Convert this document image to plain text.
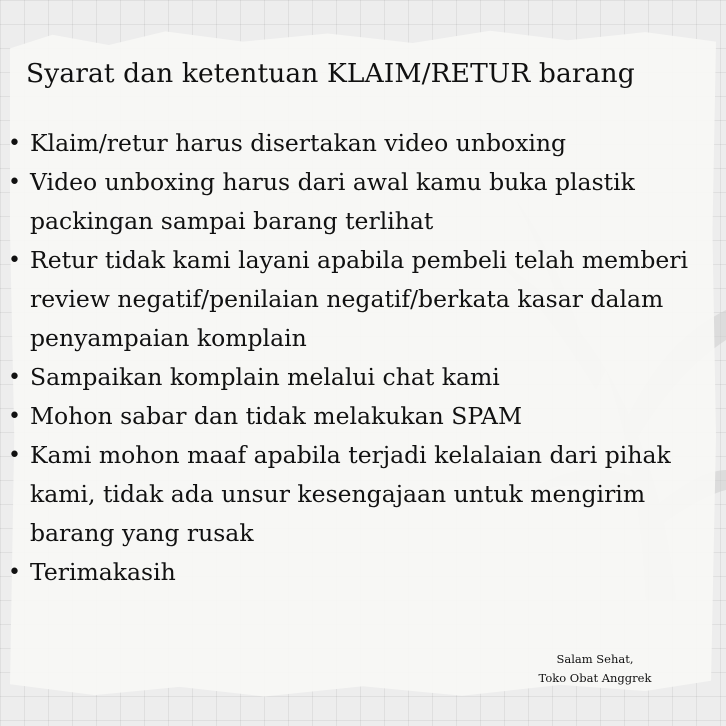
Syarat dan ketentuan KLAIM/RETUR barang
• Klaim/retur harus disertakan video unboxing
• Video unboxing harus dari awal kamu buka plastik
packingan sampai barang terlihat
• Retur tidak kami layani apabila pembeli telah memberi
review negatif/penilaian negatif/berkata kasar dalam
penyampaian komplain
• Sampaikan komplain melalui chat kami
• Mohon sabar dan tidak melakukan SPAM
• Kami mohon maaf apabila terjadi kelalaian dari pihak
kami, tidak ada unsur kesengajaan untuk mengirim
barang yang rusak
• Terimakasih
Salam Sehat,
Toko Obat Anggrek
